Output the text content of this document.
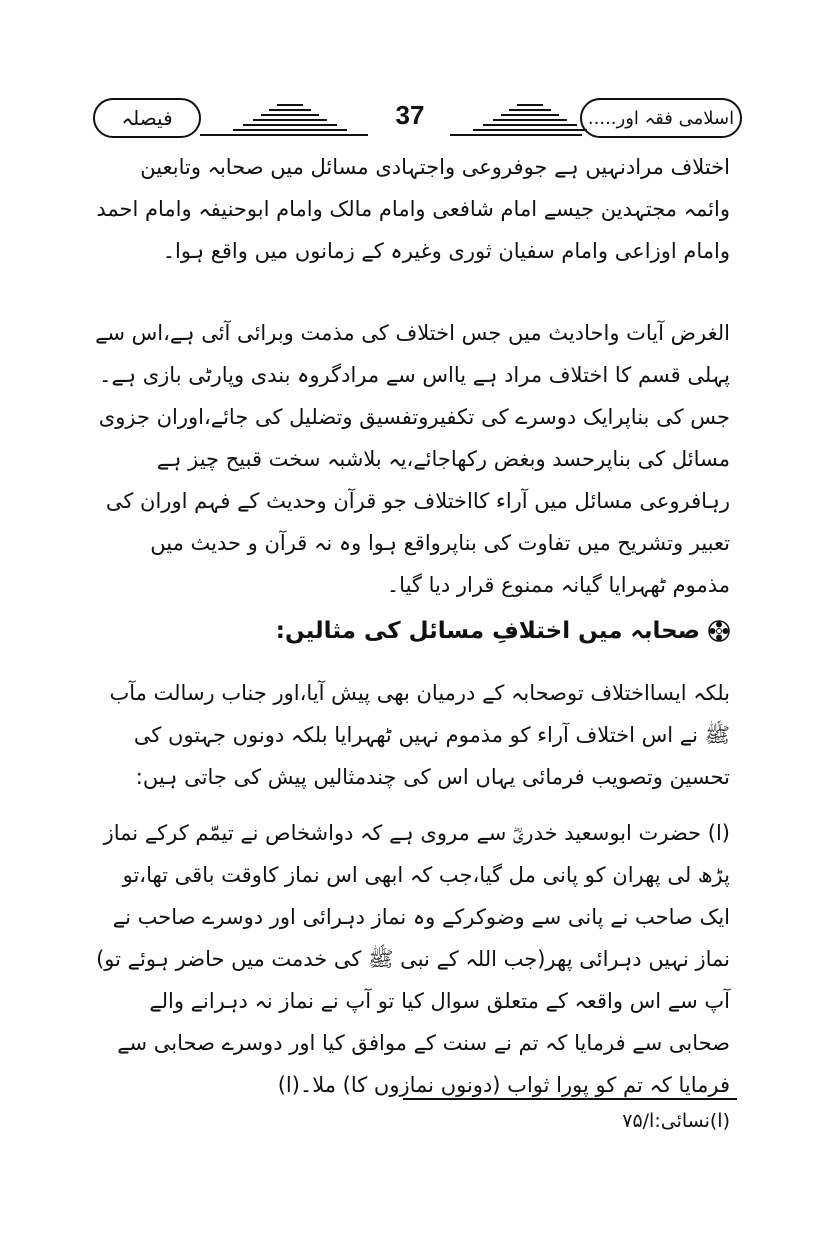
فیصلہ	37	اسلامی فقہ اور.....

اختلاف مرادنہیں ہے جوفروعی واجتہادی مسائل میں صحابہ وتابعین وائمہ مجتہدین جیسے امام شافعی وامام مالک وامام ابوحنیفہ وامام احمد وامام اوزاعی وامام سفیان ثوری وغیرہ کے زمانوں میں واقع ہوا۔

الغرض آیات واحادیث میں جس اختلاف کی مذمت وبرائی آئی ہے،اس سے پہلی قسم کا اختلاف مراد ہے یااس سے مرادگروہ بندی وپارٹی بازی ہے۔جس کی بناپرایک دوسرے کی تکفیروتفسیق وتضلیل کی جائے،اوران جزوی مسائل کی بناپرحسد وبغض رکھاجائے،یہ بلاشبہ سخت قبیح چیز ہے رہافروعی مسائل میں آراء کااختلاف جو قرآن وحدیث کے فہم اوران کی تعبیر وتشریح میں تفاوت کی بناپرواقع ہوا وہ نہ قرآن و حدیث میں مذموم ٹھہرایا گیانہ ممنوع قرار دیا گیا۔

صحابہ میں اختلافِ مسائل کی مثالیں:

بلکہ ایسااختلاف توصحابہ کے درمیان بھی پیش آیا،اور جناب رسالت مآب ﷺ نے اس اختلاف آراء کو مذموم نہیں ٹھہرایا بلکہ دونوں جہتوں کی تحسین وتصویب فرمائی یہاں اس کی چندمثالیں پیش کی جاتی ہیں:

(ا) حضرت ابوسعید خدریؓ سے مروی ہے کہ دواشخاص نے تیمّم کرکے نماز پڑھ لی پھران کو پانی مل گیا،جب کہ ابھی اس نماز کاوقت باقی تھا،تو ایک صاحب نے پانی سے وضوکرکے وہ نماز دہرائی اور دوسرے صاحب نے نماز نہیں دہرائی پھر(جب اللہ کے نبی ﷺ کی خدمت میں حاضر ہوئے تو) آپ سے اس واقعہ کے متعلق سوال کیا تو آپ نے نماز نہ دہرانے والے صحابی سے فرمایا کہ تم نے سنت کے موافق کیا اور دوسرے صحابی سے فرمایا کہ تم کو پورا ثواب (دونوں نمازوں کا) ملا۔(ا)

(ا)نسائی:ا/۷۵
